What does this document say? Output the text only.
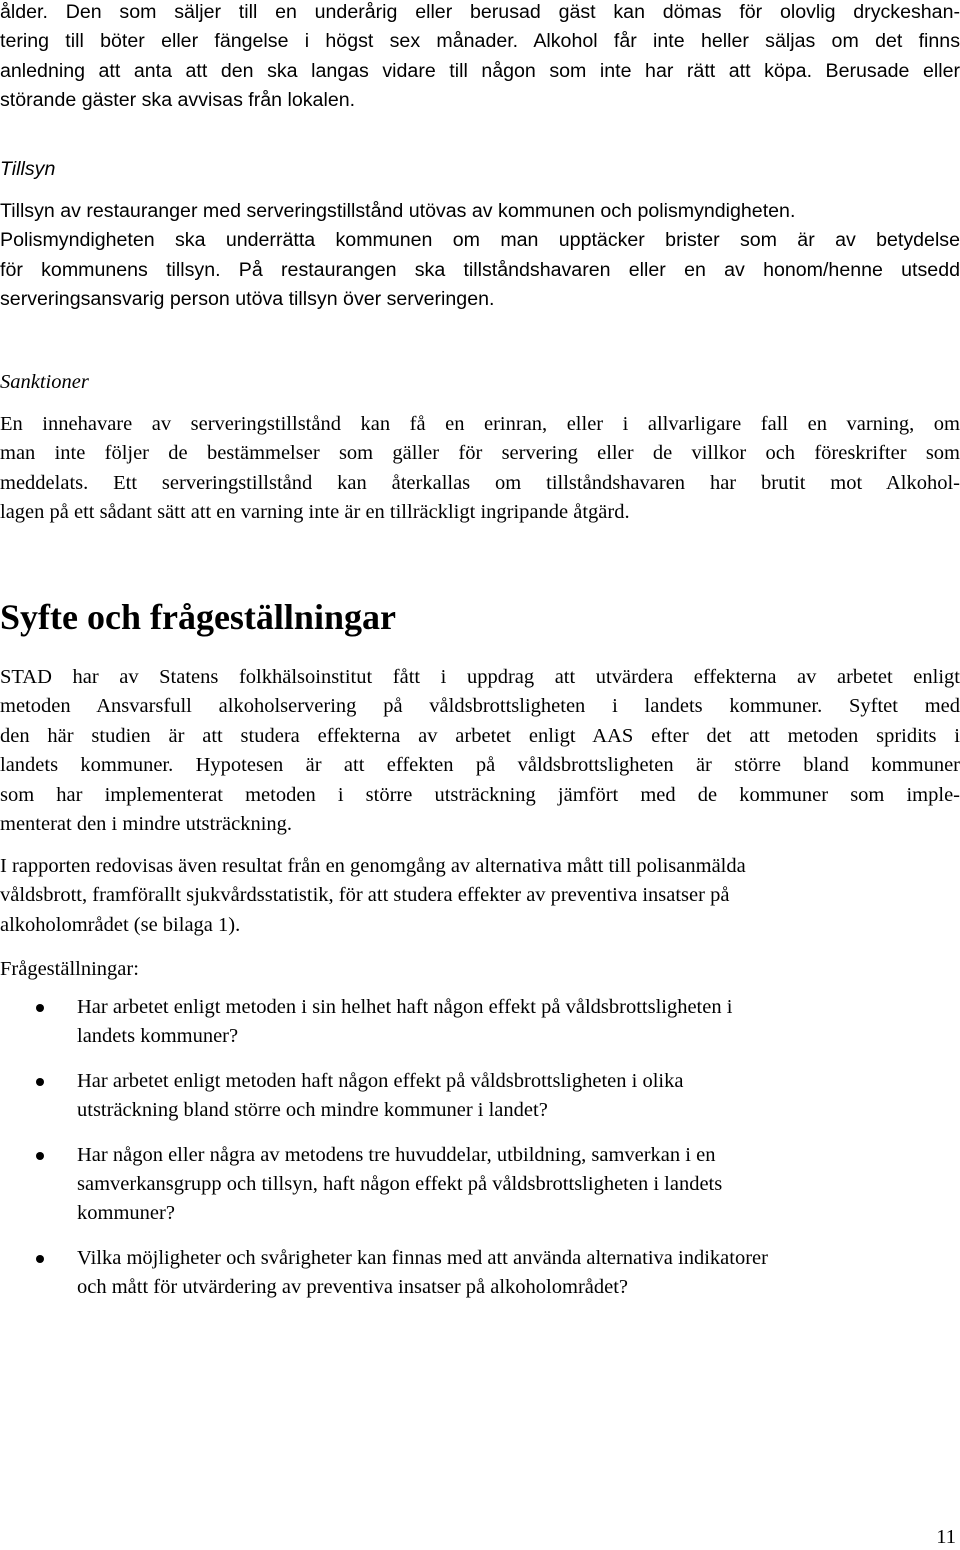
ålder. Den som säljer till en underårig eller berusad gäst kan dömas för olovlig dryckeshan-
tering till böter eller fängelse i högst sex månader. Alkohol får inte heller säljas om det finns
anledning att anta att den ska langas vidare till någon som inte har rätt att köpa. Berusade eller
störande gäster ska avvisas från lokalen.

Tillsyn

Tillsyn av restauranger med serveringstillstånd utövas av kommunen och polismyndigheten.
Polismyndigheten ska underrätta kommunen om man upptäcker brister som är av betydelse
för kommunens tillsyn. På restaurangen ska tillståndshavaren eller en av honom/henne utsedd
serveringsansvarig person utöva tillsyn över serveringen.

Sanktioner

En innehavare av serveringstillstånd kan få en erinran, eller i allvarligare fall en varning, om
man inte följer de bestämmelser som gäller för servering eller de villkor och föreskrifter som
meddelats. Ett serveringstillstånd kan återkallas om tillståndshavaren har brutit mot Alkohol-
lagen på ett sådant sätt att en varning inte är en tillräckligt ingripande åtgärd.

Syfte och frågeställningar

STAD har av Statens folkhälsoinstitut fått i uppdrag att utvärdera effekterna av arbetet enligt
metoden Ansvarsfull alkoholservering på våldsbrottsligheten i landets kommuner. Syftet med
den här studien är att studera effekterna av arbetet enligt AAS efter det att metoden spridits i
landets kommuner. Hypotesen är att effekten på våldsbrottsligheten är större bland kommuner
som har implementerat metoden i större utsträckning jämfört med de kommuner som imple-
menterat den i mindre utsträckning.

I rapporten redovisas även resultat från en genomgång av alternativa mått till polisanmälda
våldsbrott, framförallt sjukvårdsstatistik, för att studera effekter av preventiva insatser på
alkoholområdet (se bilaga 1).

Frågeställningar:

Har arbetet enligt metoden i sin helhet haft någon effekt på våldsbrottsligheten i
landets kommuner?
Har arbetet enligt metoden haft någon effekt på våldsbrottsligheten i olika
utsträckning bland större och mindre kommuner i landet?
Har någon eller några av metodens tre huvuddelar, utbildning, samverkan i en
samverkansgrupp och tillsyn, haft någon effekt på våldsbrottsligheten i landets
kommuner?
Vilka möjligheter och svårigheter kan finnas med att använda alternativa indikatorer
och mått för utvärdering av preventiva insatser på alkoholområdet?
11
